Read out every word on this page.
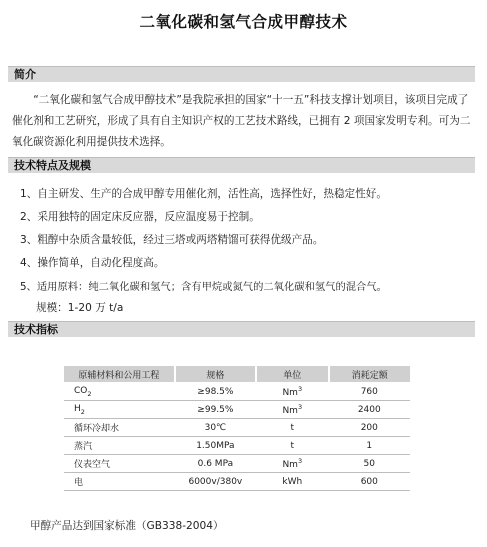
二氧化碳和氢气合成甲醇技术
简介
“二氧化碳和氢气合成甲醇技术”是我院承担的国家“十一五”科技支撑计划项目，该项目完成了催化剂和工艺研究，形成了具有自主知识产权的工艺技术路线，已拥有 2 项国家发明专利。可为二氧化碳资源化利用提供技术选择。
技术特点及规模
1、自主研发、生产的合成甲醇专用催化剂，活性高，选择性好，热稳定性好。
2、采用独特的固定床反应器，反应温度易于控制。
3、粗醇中杂质含量较低，经过三塔或两塔精馏可获得优级产品。
4、操作简单，自动化程度高。
5、适用原料：纯二氧化碳和氢气；含有甲烷或氮气的二氧化碳和氢气的混合气。
规模：1-20 万 t/a
技术指标
原辅材料和公用工程	规格	单位	消耗定额
$CO_2$	≥98.5%	Nm$^3$	760
$H_2$	≥99.5%	Nm$^3$	2400
循环冷却水	30℃	t	200
蒸汽	1.50MPa	t	1
仪表空气	0.6 MPa	Nm$^3$	50
电	6000v/380v	kWh	600
甲醇产品达到国家标准（GB338-2004）
